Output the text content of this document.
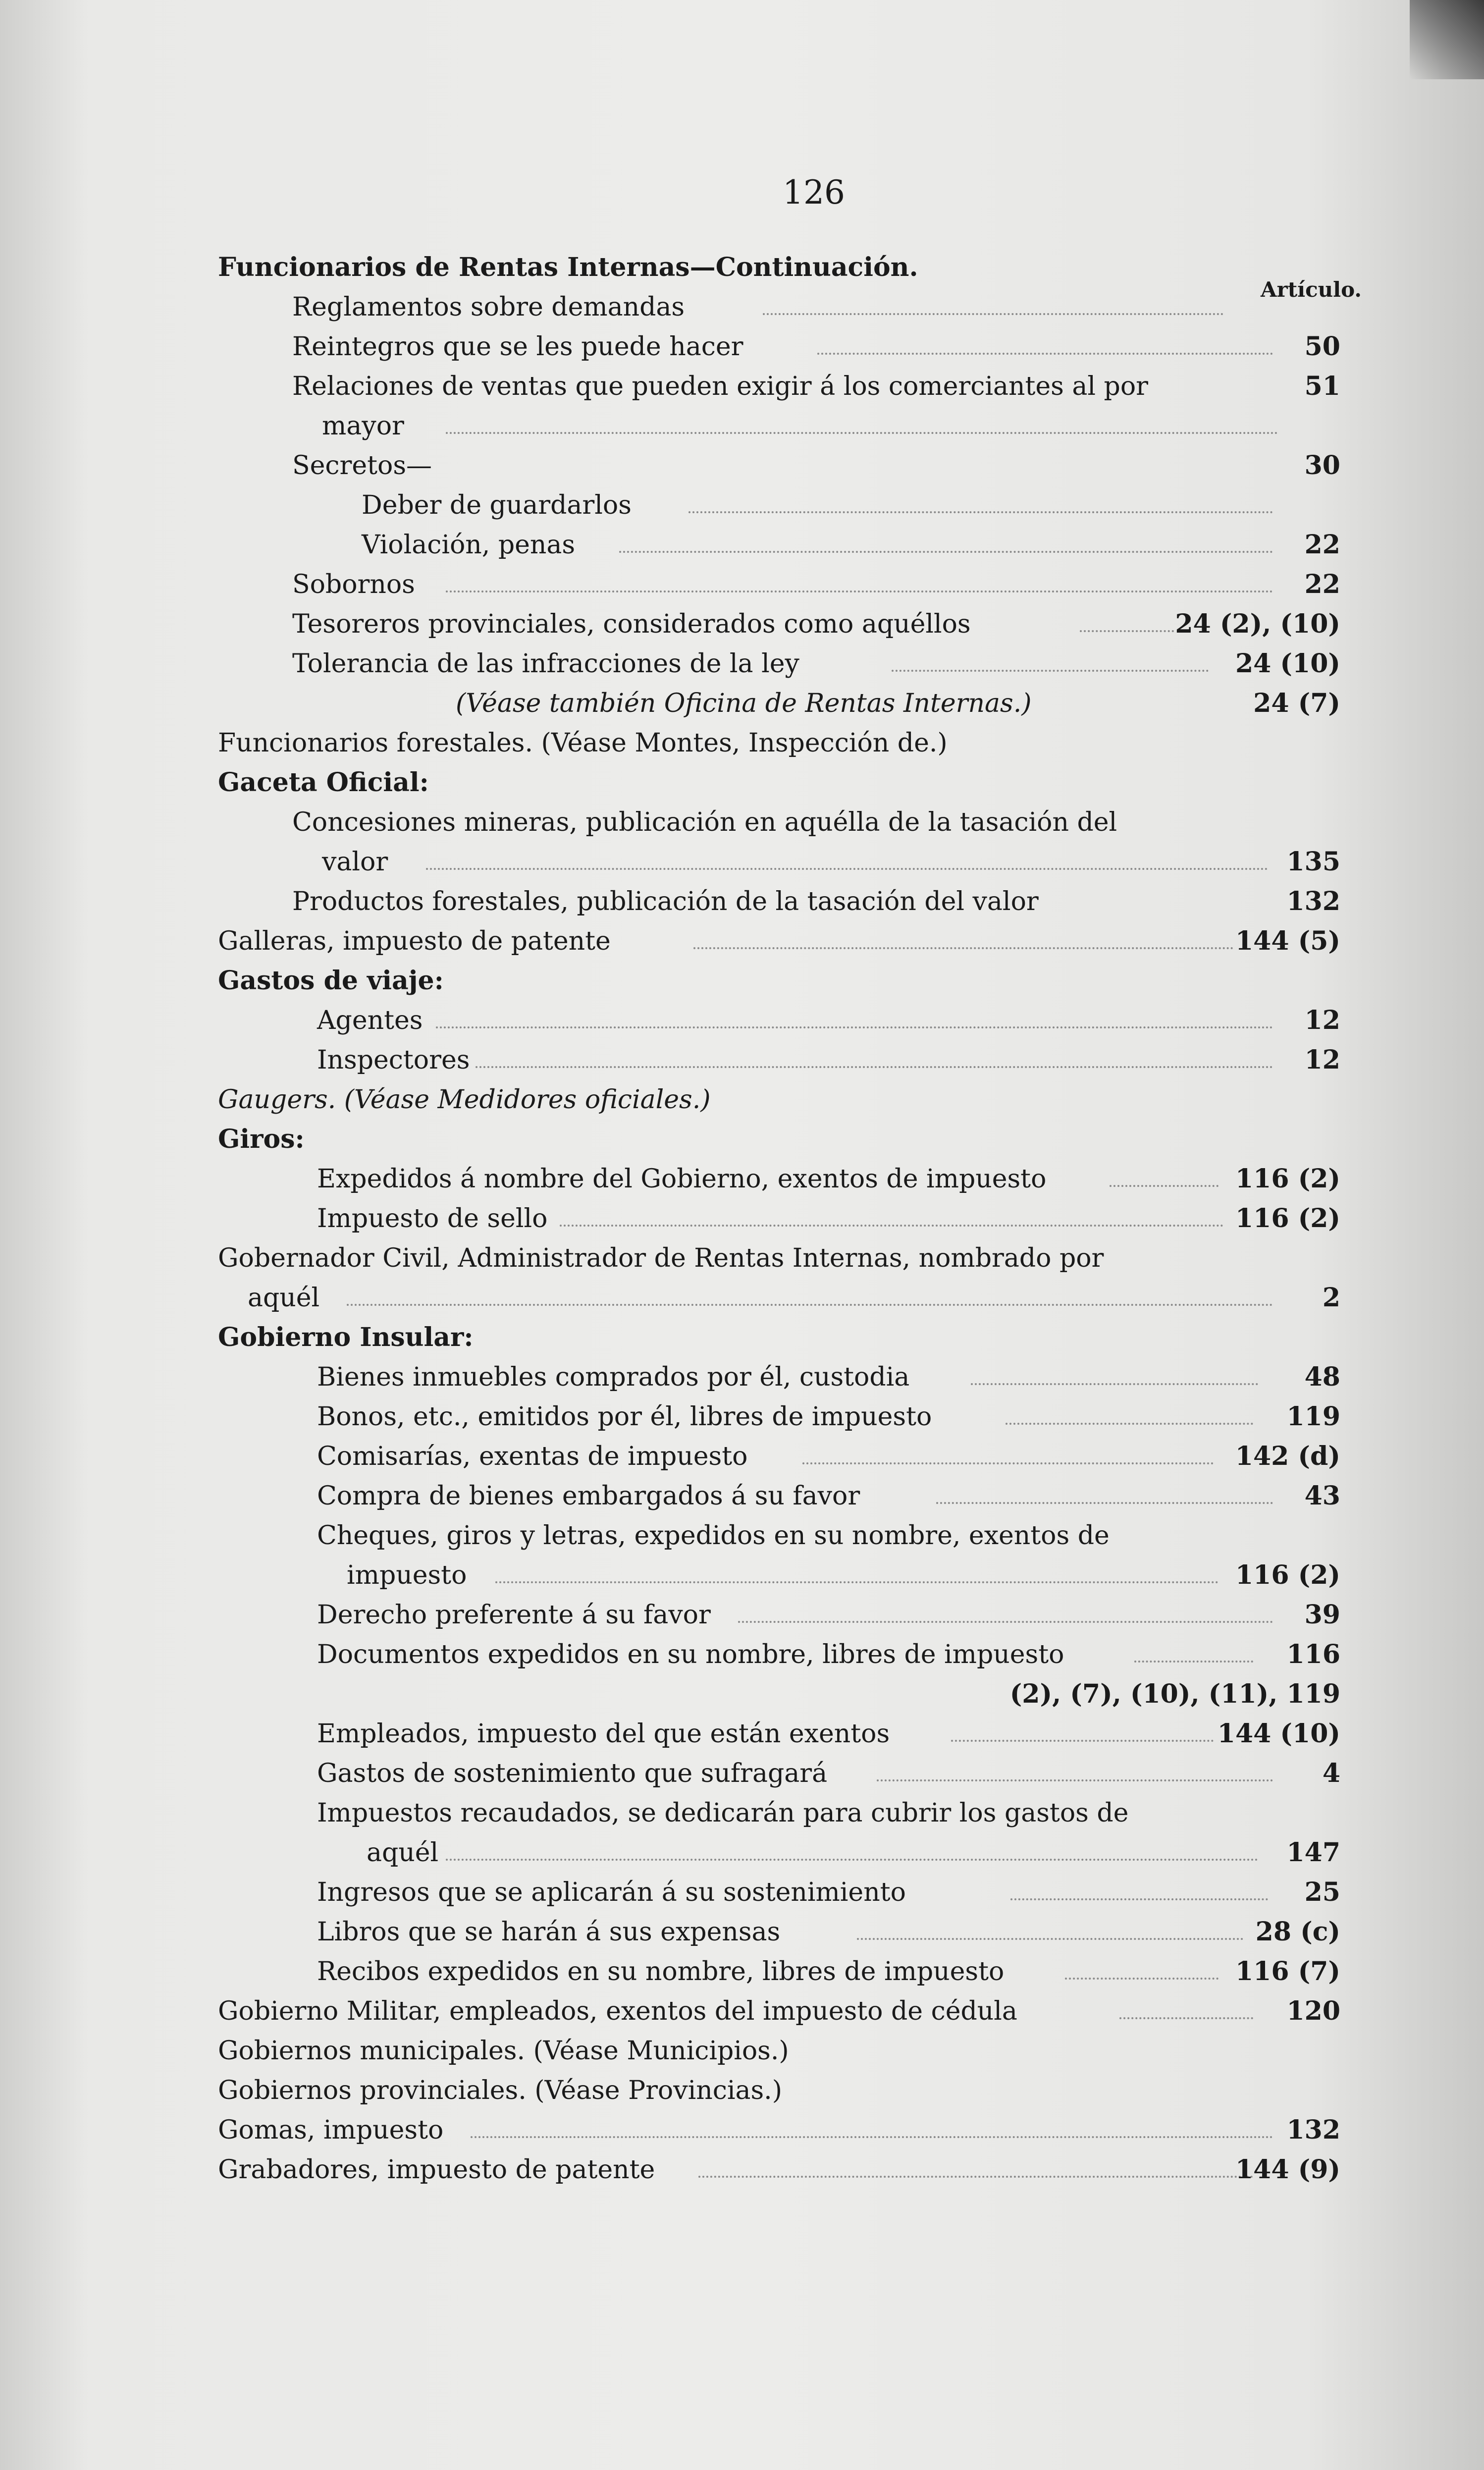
126
Artículo.
Funcionarios de Rentas Internas—Continuación.
Reglamentos sobre demandas
Reintegros que se les puede hacer	50
Relaciones de ventas que pueden exigir á los comerciantes al por	51
mayor
Secretos—	30
Deber de guardarlos
Violación, penas	22
Sobornos	22
Tesoreros provinciales, considerados como aquéllos	24 (2), (10)
Tolerancia de las infracciones de la ley	24 (10)
(Véase también Oficina de Rentas Internas.)	24 (7)
Funcionarios forestales. (Véase Montes, Inspección de.)
Gaceta Oficial:
Concesiones mineras, publicación en aquélla de la tasación del
valor	135
Productos forestales, publicación de la tasación del valor	132
Galleras, impuesto de patente	144 (5)
Gastos de viaje:
Agentes	12
Inspectores	12
Gaugers. (Véase Medidores oficiales.)
Giros:
Expedidos á nombre del Gobierno, exentos de impuesto	116 (2)
Impuesto de sello	116 (2)
Gobernador Civil, Administrador de Rentas Internas, nombrado por
aquél	2
Gobierno Insular:
Bienes inmuebles comprados por él, custodia	48
Bonos, etc., emitidos por él, libres de impuesto	119
Comisarías, exentas de impuesto	142 (d)
Compra de bienes embargados á su favor	43
Cheques, giros y letras, expedidos en su nombre, exentos de
impuesto	116 (2)
Derecho preferente á su favor	39
Documentos expedidos en su nombre, libres de impuesto	116
(2), (7), (10), (11), 119
Empleados, impuesto del que están exentos	144 (10)
Gastos de sostenimiento que sufragará	4
Impuestos recaudados, se dedicarán para cubrir los gastos de
aquél	147
Ingresos que se aplicarán á su sostenimiento	25
Libros que se harán á sus expensas	28 (c)
Recibos expedidos en su nombre, libres de impuesto	116 (7)
Gobierno Militar, empleados, exentos del impuesto de cédula	120
Gobiernos municipales. (Véase Municipios.)
Gobiernos provinciales. (Véase Provincias.)
Gomas, impuesto	132
Grabadores, impuesto de patente	144 (9)
